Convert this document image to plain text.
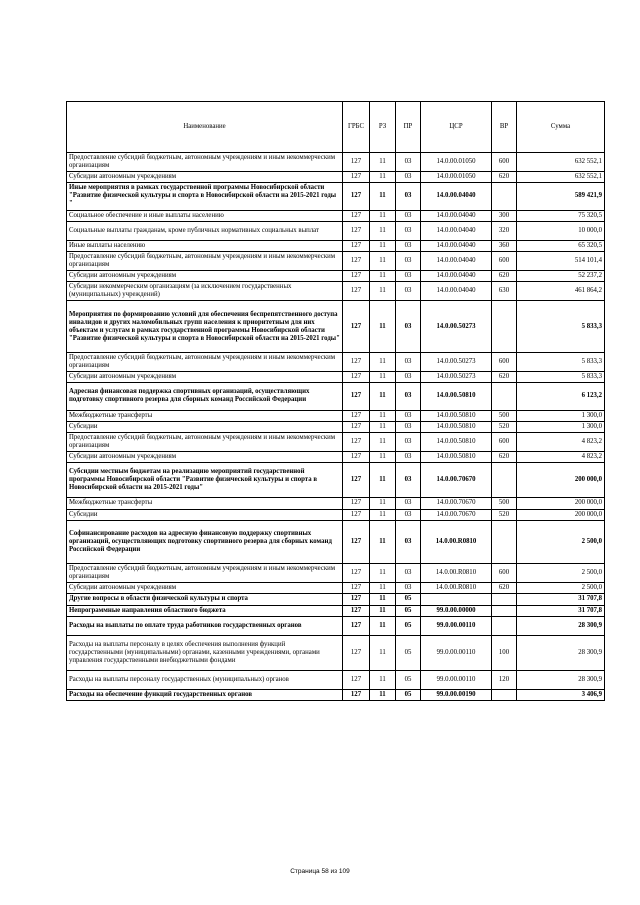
Наименование	ГРБС	РЗ	ПР	ЦСР	ВР	Сумма
Предоставление субсидий бюджетным, автономным учреждениям и иным некоммерческим организациям	127	11	03	14.0.00.01050	600	632 552,1
Субсидии автономным учреждениям	127	11	03	14.0.00.01050	620	632 552,1
Иные мероприятия в рамках государственной программы Новосибирской области "Развитие физической культуры и спорта в Новосибирской области на 2015-2021 годы "	127	11	03	14.0.00.04040		589 421,9
Социальное обеспечение и иные выплаты населению	127	11	03	14.0.00.04040	300	75 320,5
Социальные выплаты гражданам, кроме публичных нормативных социальных выплат	127	11	03	14.0.00.04040	320	10 000,0
Иные выплаты населению	127	11	03	14.0.00.04040	360	65 320,5
Предоставление субсидий бюджетным, автономным учреждениям и иным некоммерческим организациям	127	11	03	14.0.00.04040	600	514 101,4
Субсидии автономным учреждениям	127	11	03	14.0.00.04040	620	52 237,2
Субсидии некоммерческим организациям (за исключением государственных (муниципальных) учреждений)	127	11	03	14.0.00.04040	630	461 864,2
Мероприятия по формированию условий для обеспечения беспрепятственного доступа инвалидов и других маломобильных групп населения к приоритетным для них объектам и услугам в рамках государственной программы Новосибирской области "Развитие физической культуры и спорта в Новосибирской области на 2015-2021 годы"	127	11	03	14.0.00.50273		5 833,3
Предоставление субсидий бюджетным, автономным учреждениям и иным некоммерческим организациям	127	11	03	14.0.00.50273	600	5 833,3
Субсидии автономным учреждениям	127	11	03	14.0.00.50273	620	5 833,3
Адресная финансовая поддержка спортивных организаций, осуществляющих подготовку спортивного резерва для сборных команд Российской Федерации	127	11	03	14.0.00.50810		6 123,2
Межбюджетные трансферты	127	11	03	14.0.00.50810	500	1 300,0
Субсидии	127	11	03	14.0.00.50810	520	1 300,0
Предоставление субсидий бюджетным, автономным учреждениям и иным некоммерческим организациям	127	11	03	14.0.00.50810	600	4 823,2
Субсидии автономным учреждениям	127	11	03	14.0.00.50810	620	4 823,2
Субсидии местным бюджетам на реализацию мероприятий государственной программы Новосибирской области "Развитие физической культуры и спорта в Новосибирской области на 2015-2021 годы"	127	11	03	14.0.00.70670		200 000,0
Межбюджетные трансферты	127	11	03	14.0.00.70670	500	200 000,0
Субсидии	127	11	03	14.0.00.70670	520	200 000,0
Софинансирование расходов на адресную финансовую поддержку спортивных организаций, осуществляющих подготовку спортивного резерва для сборных команд Российской Федерации	127	11	03	14.0.00.R0810		2 500,0
Предоставление субсидий бюджетным, автономным учреждениям и иным некоммерческим организациям	127	11	03	14.0.00.R0810	600	2 500,0
Субсидии автономным учреждениям	127	11	03	14.0.00.R0810	620	2 500,0
Другие вопросы в области физической культуры и спорта	127	11	05			31 707,8
Непрограммные направления областного бюджета	127	11	05	99.0.00.00000		31 707,8
Расходы на выплаты по оплате труда работников государственных органов	127	11	05	99.0.00.00110		28 300,9
Расходы на выплаты персоналу в целях обеспечения выполнения функций государственными (муниципальными) органами, казенными учреждениями, органами управления государственными внебюджетными фондами	127	11	05	99.0.00.00110	100	28 300,9
Расходы на выплаты персоналу государственных (муниципальных) органов	127	11	05	99.0.00.00110	120	28 300,9
Расходы на обеспечение функций государственных органов	127	11	05	99.0.00.00190		3 406,9
Страница 58 из 109
